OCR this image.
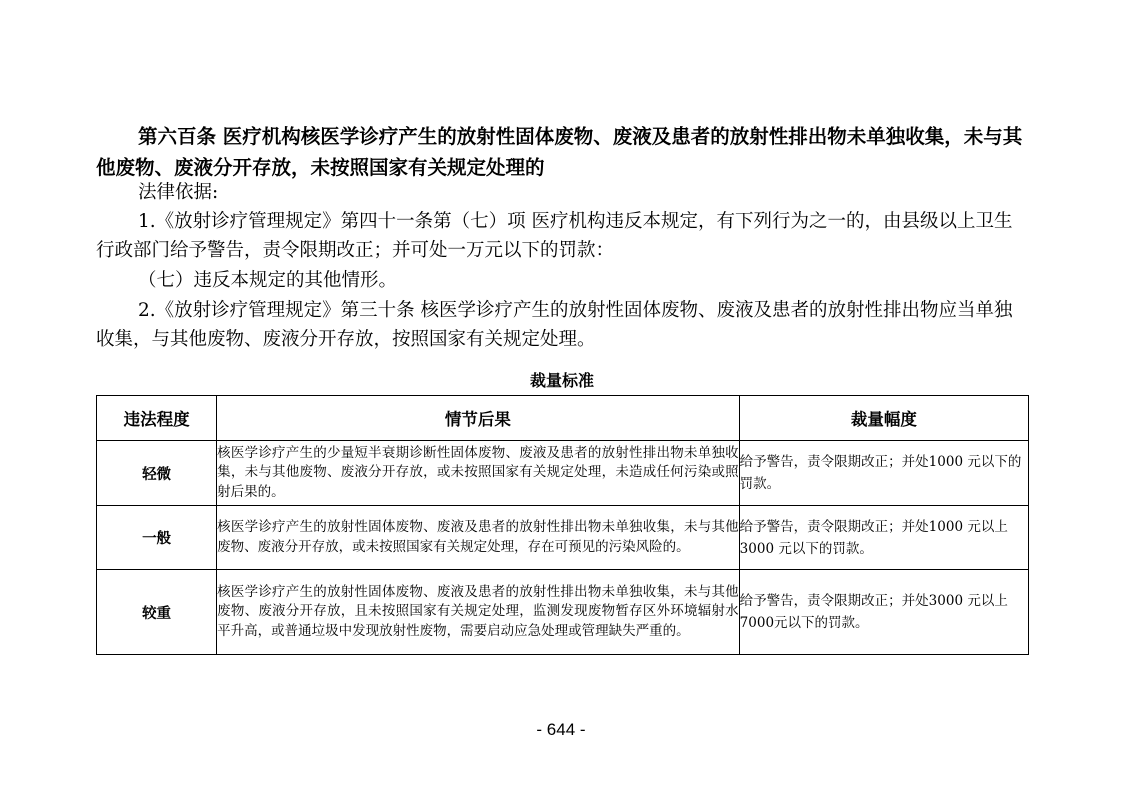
第六百条 医疗机构核医学诊疗产生的放射性固体废物、废液及患者的放射性排出物未单独收集，未与其他废物、废液分开存放，未按照国家有关规定处理的

法律依据:

1.《放射诊疗管理规定》第四十一条第（七）项 医疗机构违反本规定，有下列行为之一的，由县级以上卫生行政部门给予警告，责令限期改正；并可处一万元以下的罚款：

（七）违反本规定的其他情形。

2.《放射诊疗管理规定》第三十条 核医学诊疗产生的放射性固体废物、废液及患者的放射性排出物应当单独收集，与其他废物、废液分开存放，按照国家有关规定处理。

裁量标准

违法程度	情节后果	裁量幅度
轻微	核医学诊疗产生的少量短半衰期诊断性固体废物、废液及患者的放射性排出物未单独收集，未与其他废物、废液分开存放，或未按照国家有关规定处理，未造成任何污染或照射后果的。	给予警告，责令限期改正；并处1000 元以下的罚款。
一般	核医学诊疗产生的放射性固体废物、废液及患者的放射性排出物未单独收集，未与其他废物、废液分开存放，或未按照国家有关规定处理，存在可预见的污染风险的。	给予警告，责令限期改正；并处1000 元以上3000 元以下的罚款。
较重	核医学诊疗产生的放射性固体废物、废液及患者的放射性排出物未单独收集，未与其他废物、废液分开存放，且未按照国家有关规定处理，监测发现废物暂存区外环境辐射水平升高，或普通垃圾中发现放射性废物，需要启动应急处理或管理缺失严重的。	给予警告，责令限期改正；并处3000 元以上7000元以下的罚款。

- 644 -
